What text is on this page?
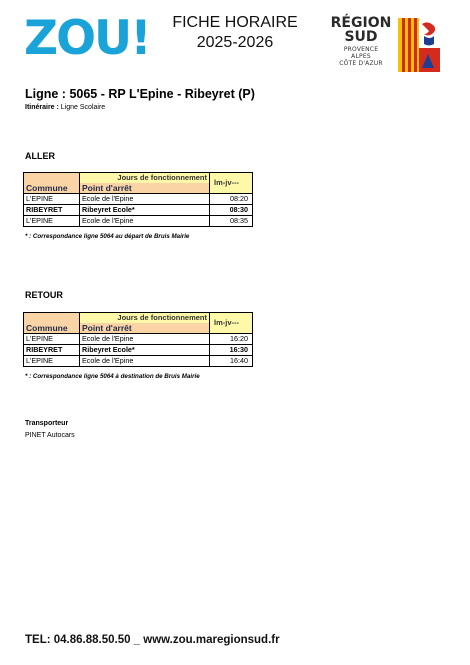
ZOU!	FICHE HORAIRE
2025-2026
RÉGION
SUD
PROVENCE
ALPES
CÔTE D'AZUR
Ligne : 5065 - RP L'Epine - Ribeyret (P)
Itinéraire : Ligne Scolaire
ALLER
	Jours de fonctionnement	lm-jv---
Commune	Point d'arrêt	
L'EPINE	Ecole de l'Epine	08:20
RIBEYRET	Ribeyret Ecole*	08:30
L'EPINE	Ecole de l'Epine	08:35
* : Correspondance ligne 5064 au départ de Bruis Mairie
RETOUR
	Jours de fonctionnement	lm-jv---
Commune	Point d'arrêt	
L'EPINE	Ecole de l'Epine	16:20
RIBEYRET	Ribeyret Ecole*	16:30
L'EPINE	Ecole de l'Epine	16:40
* : Correspondance ligne 5064 à destination de Bruis Mairie
Transporteur
PINET Autocars
TEL: 04.86.88.50.50 _ www.zou.maregionsud.fr
